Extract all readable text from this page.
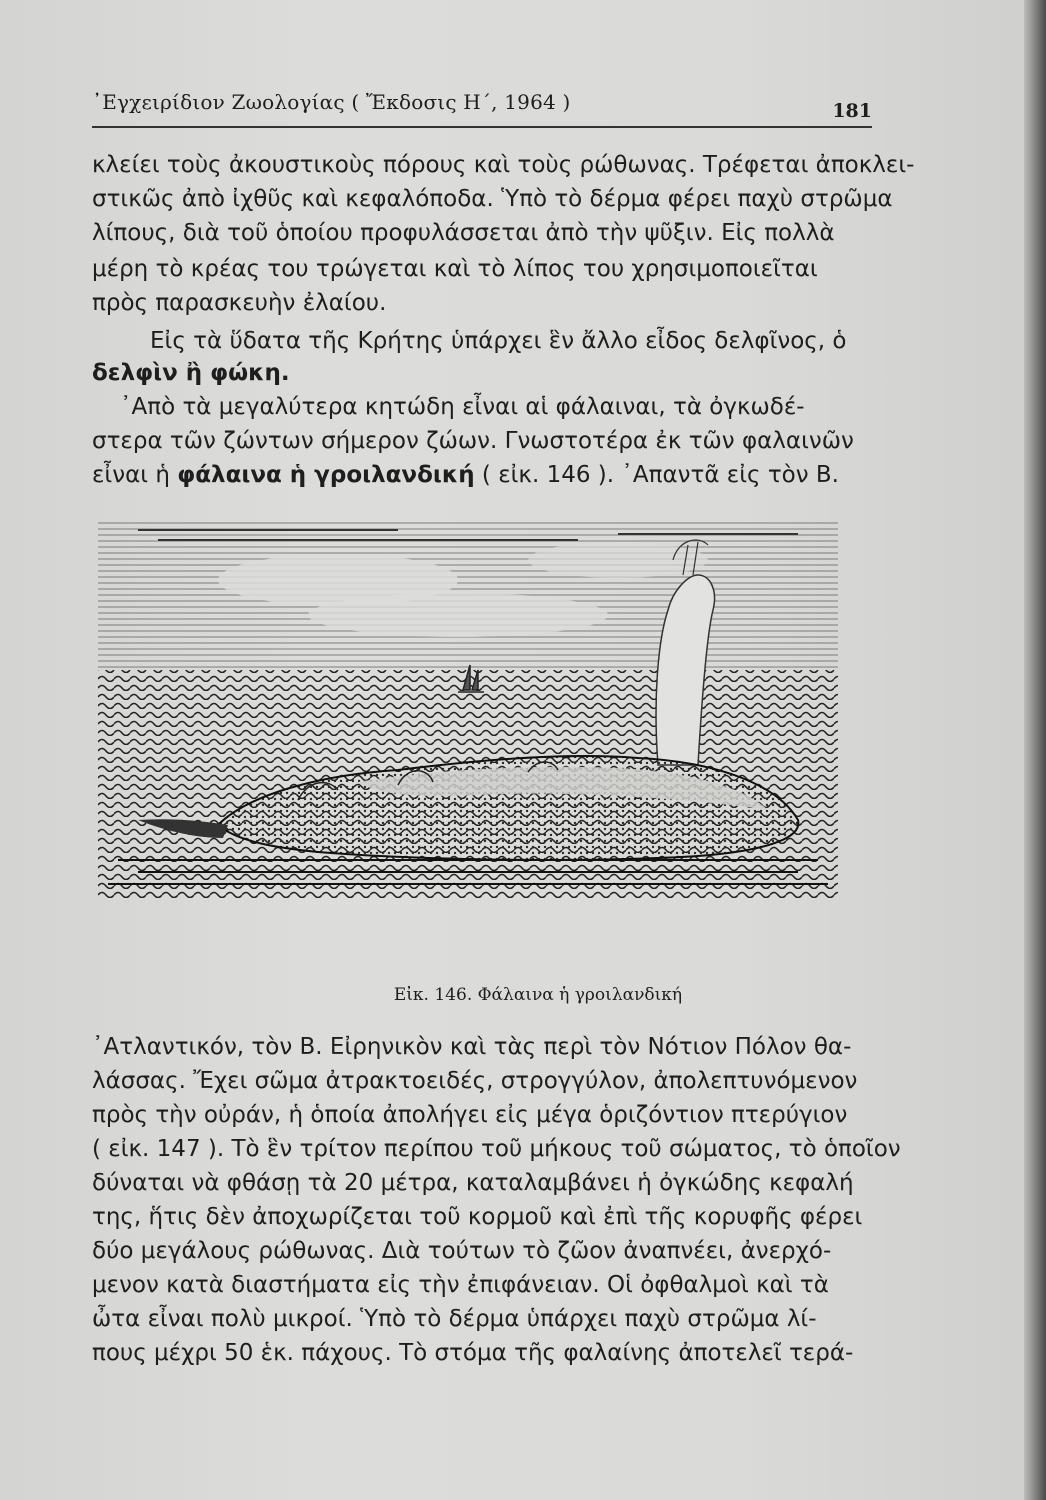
᾿Εγχειρίδιον Ζωολογίας ( Ἔκδοσις Η΄, 1964 )	181
κλείει τοὺς ἀκουστικοὺς πόρους καὶ τοὺς ρώθωνας. Τρέφεται ἀποκλει-
στικῶς ἀπὸ ἰχθῦς καὶ κεφαλόποδα. Ὑπὸ τὸ δέρμα φέρει παχὺ στρῶμα
λίπους, διὰ τοῦ ὁποίου προφυλάσσεται ἀπὸ τὴν ψῦξιν. Εἰς πολλὰ
μέρη τὸ κρέας του τρώγεται καὶ τὸ λίπος του χρησιμοποιεῖται
πρὸς παρασκευὴν ἐλαίου.
Εἰς τὰ ὕδατα τῆς Κρήτης ὑπάρχει ἓν ἄλλο εἶδος δελφῖνος, ὁ
δελφὶν ἢ φώκη.
᾿Απὸ τὰ μεγαλύτερα κητώδη εἶναι αἱ φάλαιναι, τὰ ὀγκωδέ-
στερα τῶν ζώντων σήμερον ζώων. Γνωστοτέρα ἐκ τῶν φαλαινῶν
εἶναι ἡ φάλαινα ἡ γροιλανδική ( εἰκ. 146 ). ᾿Απαντᾶ εἰς τὸν Β.
Εἰκ. 146. Φάλαινα ἡ γροιλανδική
᾿Ατλαντικόν, τὸν Β. Εἰρηνικὸν καὶ τὰς περὶ τὸν Νότιον Πόλον θα-
λάσσας. Ἔχει σῶμα ἀτρακτοειδές, στρογγύλον, ἀπολεπτυνόμενον
πρὸς τὴν οὐράν, ἡ ὁποία ἀπολήγει εἰς μέγα ὁριζόντιον πτερύγιον
( εἰκ. 147 ). Τὸ ἓν τρίτον περίπου τοῦ μήκους τοῦ σώματος, τὸ ὁποῖον
δύναται νὰ φθάσῃ τὰ 20 μέτρα, καταλαμβάνει ἡ ὀγκώδης κεφαλή
της, ἥτις δὲν ἀποχωρίζεται τοῦ κορμοῦ καὶ ἐπὶ τῆς κορυφῆς φέρει
δύο μεγάλους ρώθωνας. Διὰ τούτων τὸ ζῶον ἀναπνέει, ἀνερχό-
μενον κατὰ διαστήματα εἰς τὴν ἐπιφάνειαν. Οἱ ὀφθαλμοὶ καὶ τὰ
ὦτα εἶναι πολὺ μικροί. Ὑπὸ τὸ δέρμα ὑπάρχει παχὺ στρῶμα λί-
πους μέχρι 50 ἑκ. πάχους. Τὸ στόμα τῆς φαλαίνης ἀποτελεῖ τερά-
